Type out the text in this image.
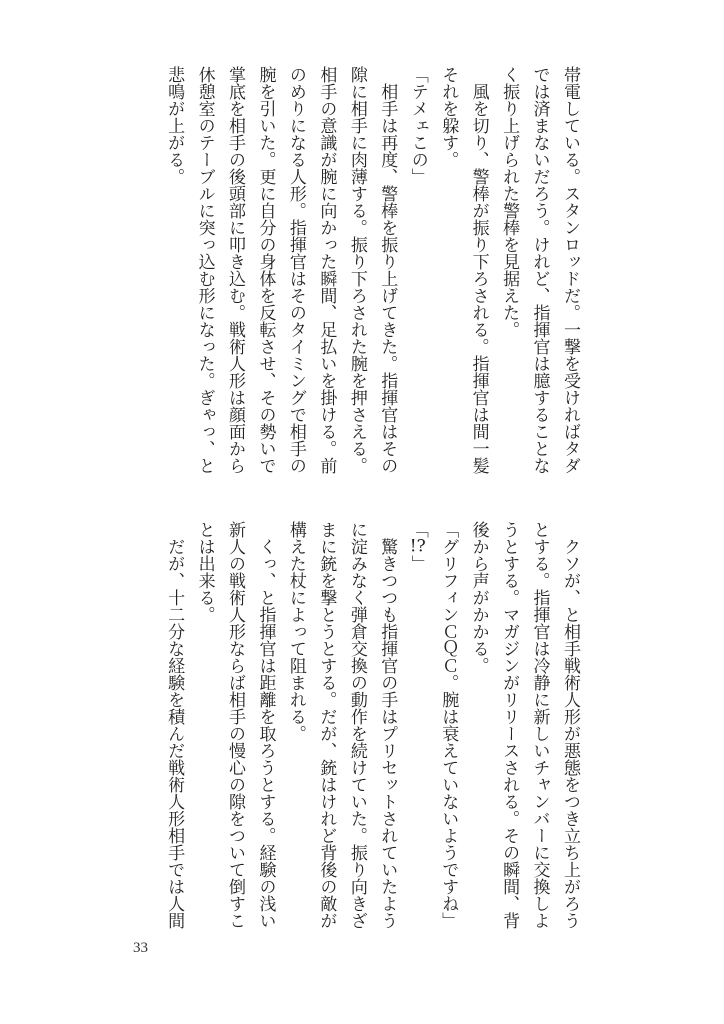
帯電している。スタンロッドだ。一撃を受ければタダ
では済まないだろう。けれど、指揮官は臆することな
く振り上げられた警棒を見据えた。
　風を切り、警棒が振り下ろされる。指揮官は間一髪
それを躱す。
「テメェこの」
　相手は再度、警棒を振り上げてきた。指揮官はその
隙に相手に肉薄する。振り下ろされた腕を押さえる。
相手の意識が腕に向かった瞬間、足払いを掛ける。前
のめりになる人形。指揮官はそのタイミングで相手の
腕を引いた。更に自分の身体を反転させ、その勢いで
掌底を相手の後頭部に叩き込む。戦術人形は顔面から
休憩室のテーブルに突っ込む形になった。ぎゃっ、と
悲鳴が上がる。
　クソが、と相手戦術人形が悪態をつき立ち上がろう
とする。指揮官は冷静に新しいチャンバーに交換しよ
うとする。マガジンがリリースされる。その瞬間、背
後から声がかかる。
「グリフィンＣＱＣ。腕は衰えていないようですね」
「!?」
　驚きつつも指揮官の手はプリセットされていたよう
に淀みなく弾倉交換の動作を続けていた。振り向きざ
まに銃を撃とうとする。だが、銃はけれど背後の敵が
構えた杖によって阻まれる。
　くっ、と指揮官は距離を取ろうとする。経験の浅い
新人の戦術人形ならば相手の慢心の隙をついて倒すこ
とは出来る。
　だが、十二分な経験を積んだ戦術人形相手では人間
33
